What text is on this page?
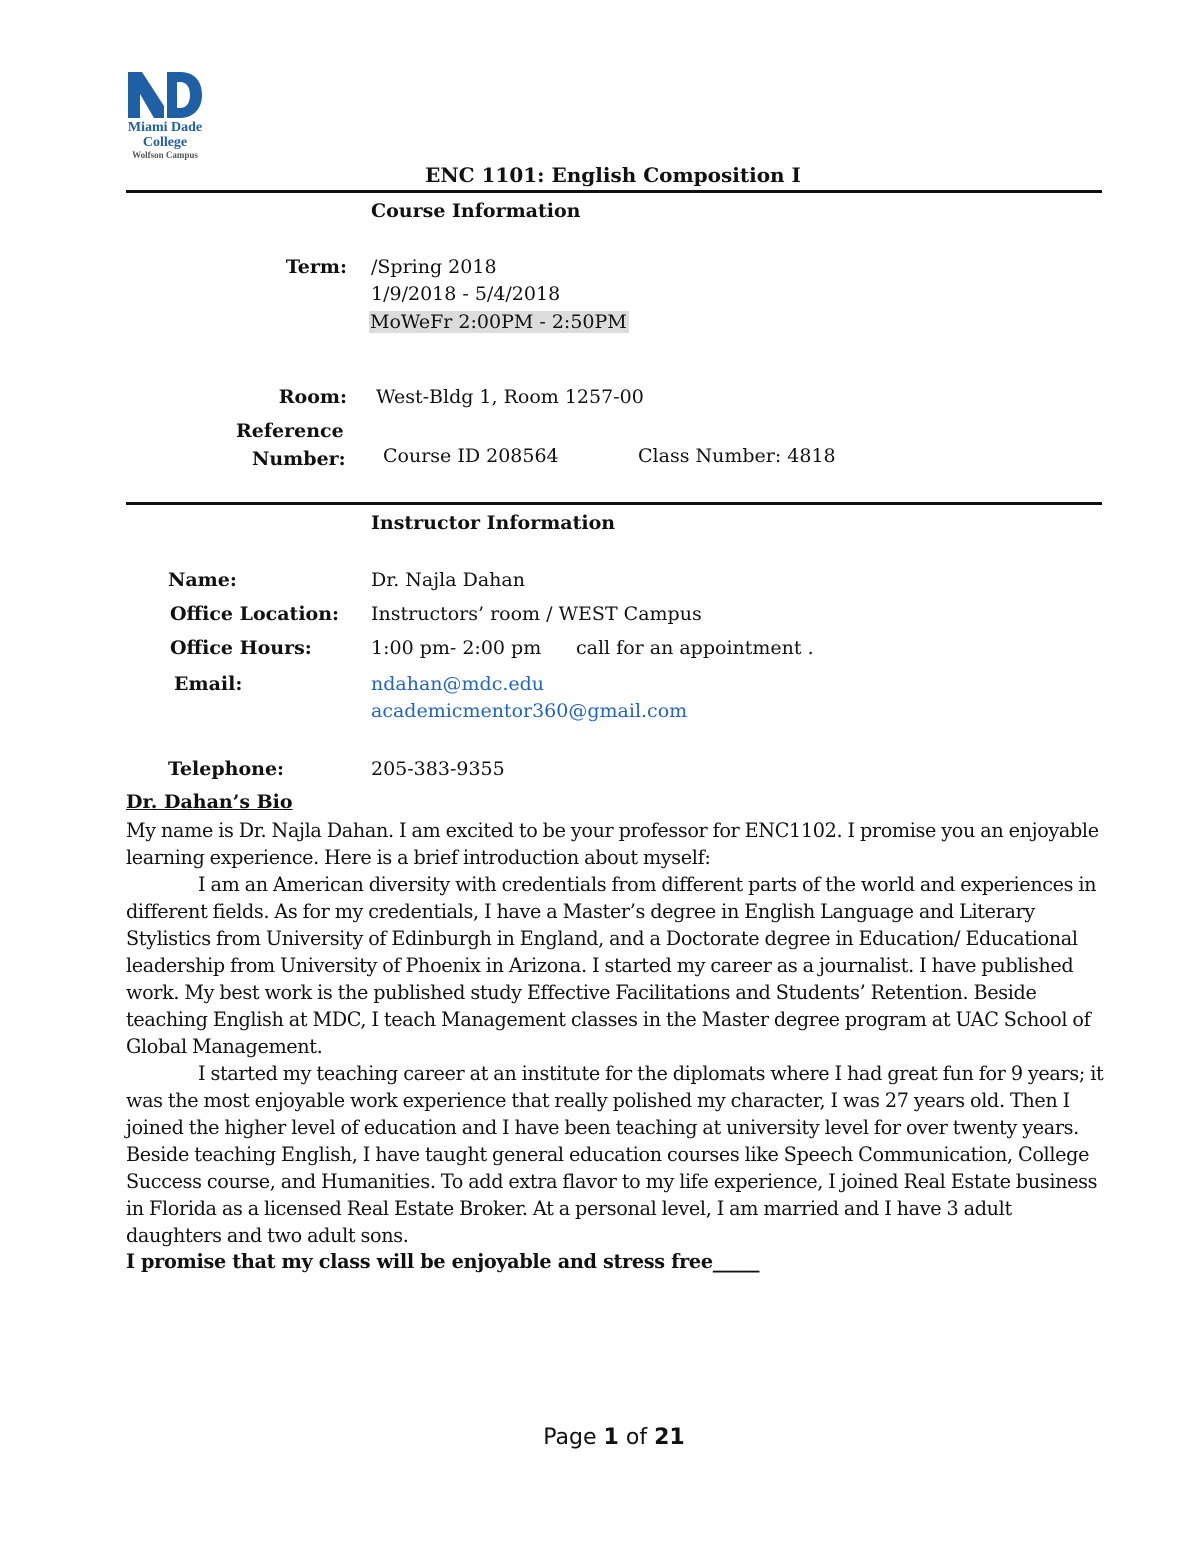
Miami Dade
College
Wolfson Campus
ENC 1101: English Composition I
Course Information
Term: /Spring 2018
1/9/2018 - 5/4/2018
MoWeFr 2:00PM - 2:50PM
Room: West-Bldg 1, Room 1257-00
Reference
Number: Course ID 208564	Class Number: 4818
Instructor Information
Name:	Dr. Najla Dahan
Office Location: Instructors’ room / WEST Campus
Office Hours:	1:00 pm- 2:00 pm call for an appointment .
Email:	ndahan@mdc.edu
academicmentor360@gmail.com
Telephone:	205-383-9355
Dr. Dahan’s Bio

My name is Dr. Najla Dahan. I am excited to be your professor for ENC1102. I promise you an enjoyable learning experience. Here is a brief introduction about myself:

I am an American diversity with credentials from different parts of the world and experiences in different fields. As for my credentials, I have a Master’s degree in English Language and Literary Stylistics from University of Edinburgh in England, and a Doctorate degree in Education/ Educational leadership from University of Phoenix in Arizona. I started my career as a journalist. I have published work. My best work is the published study Effective Facilitations and Students’ Retention. Beside teaching English at MDC, I teach Management classes in the Master degree program at UAC School of Global Management.

I started my teaching career at an institute for the diplomats where I had great fun for 9 years; it was the most enjoyable work experience that really polished my character, I was 27 years old. Then I joined the higher level of education and I have been teaching at university level for over twenty years. Beside teaching English, I have taught general education courses like Speech Communication, College Success course, and Humanities. To add extra flavor to my life experience, I joined Real Estate business in Florida as a licensed Real Estate Broker. At a personal level, I am married and I have 3 adult daughters and two adult sons.

I promise that my class will be enjoyable and stress free_____
Page 1 of 21
